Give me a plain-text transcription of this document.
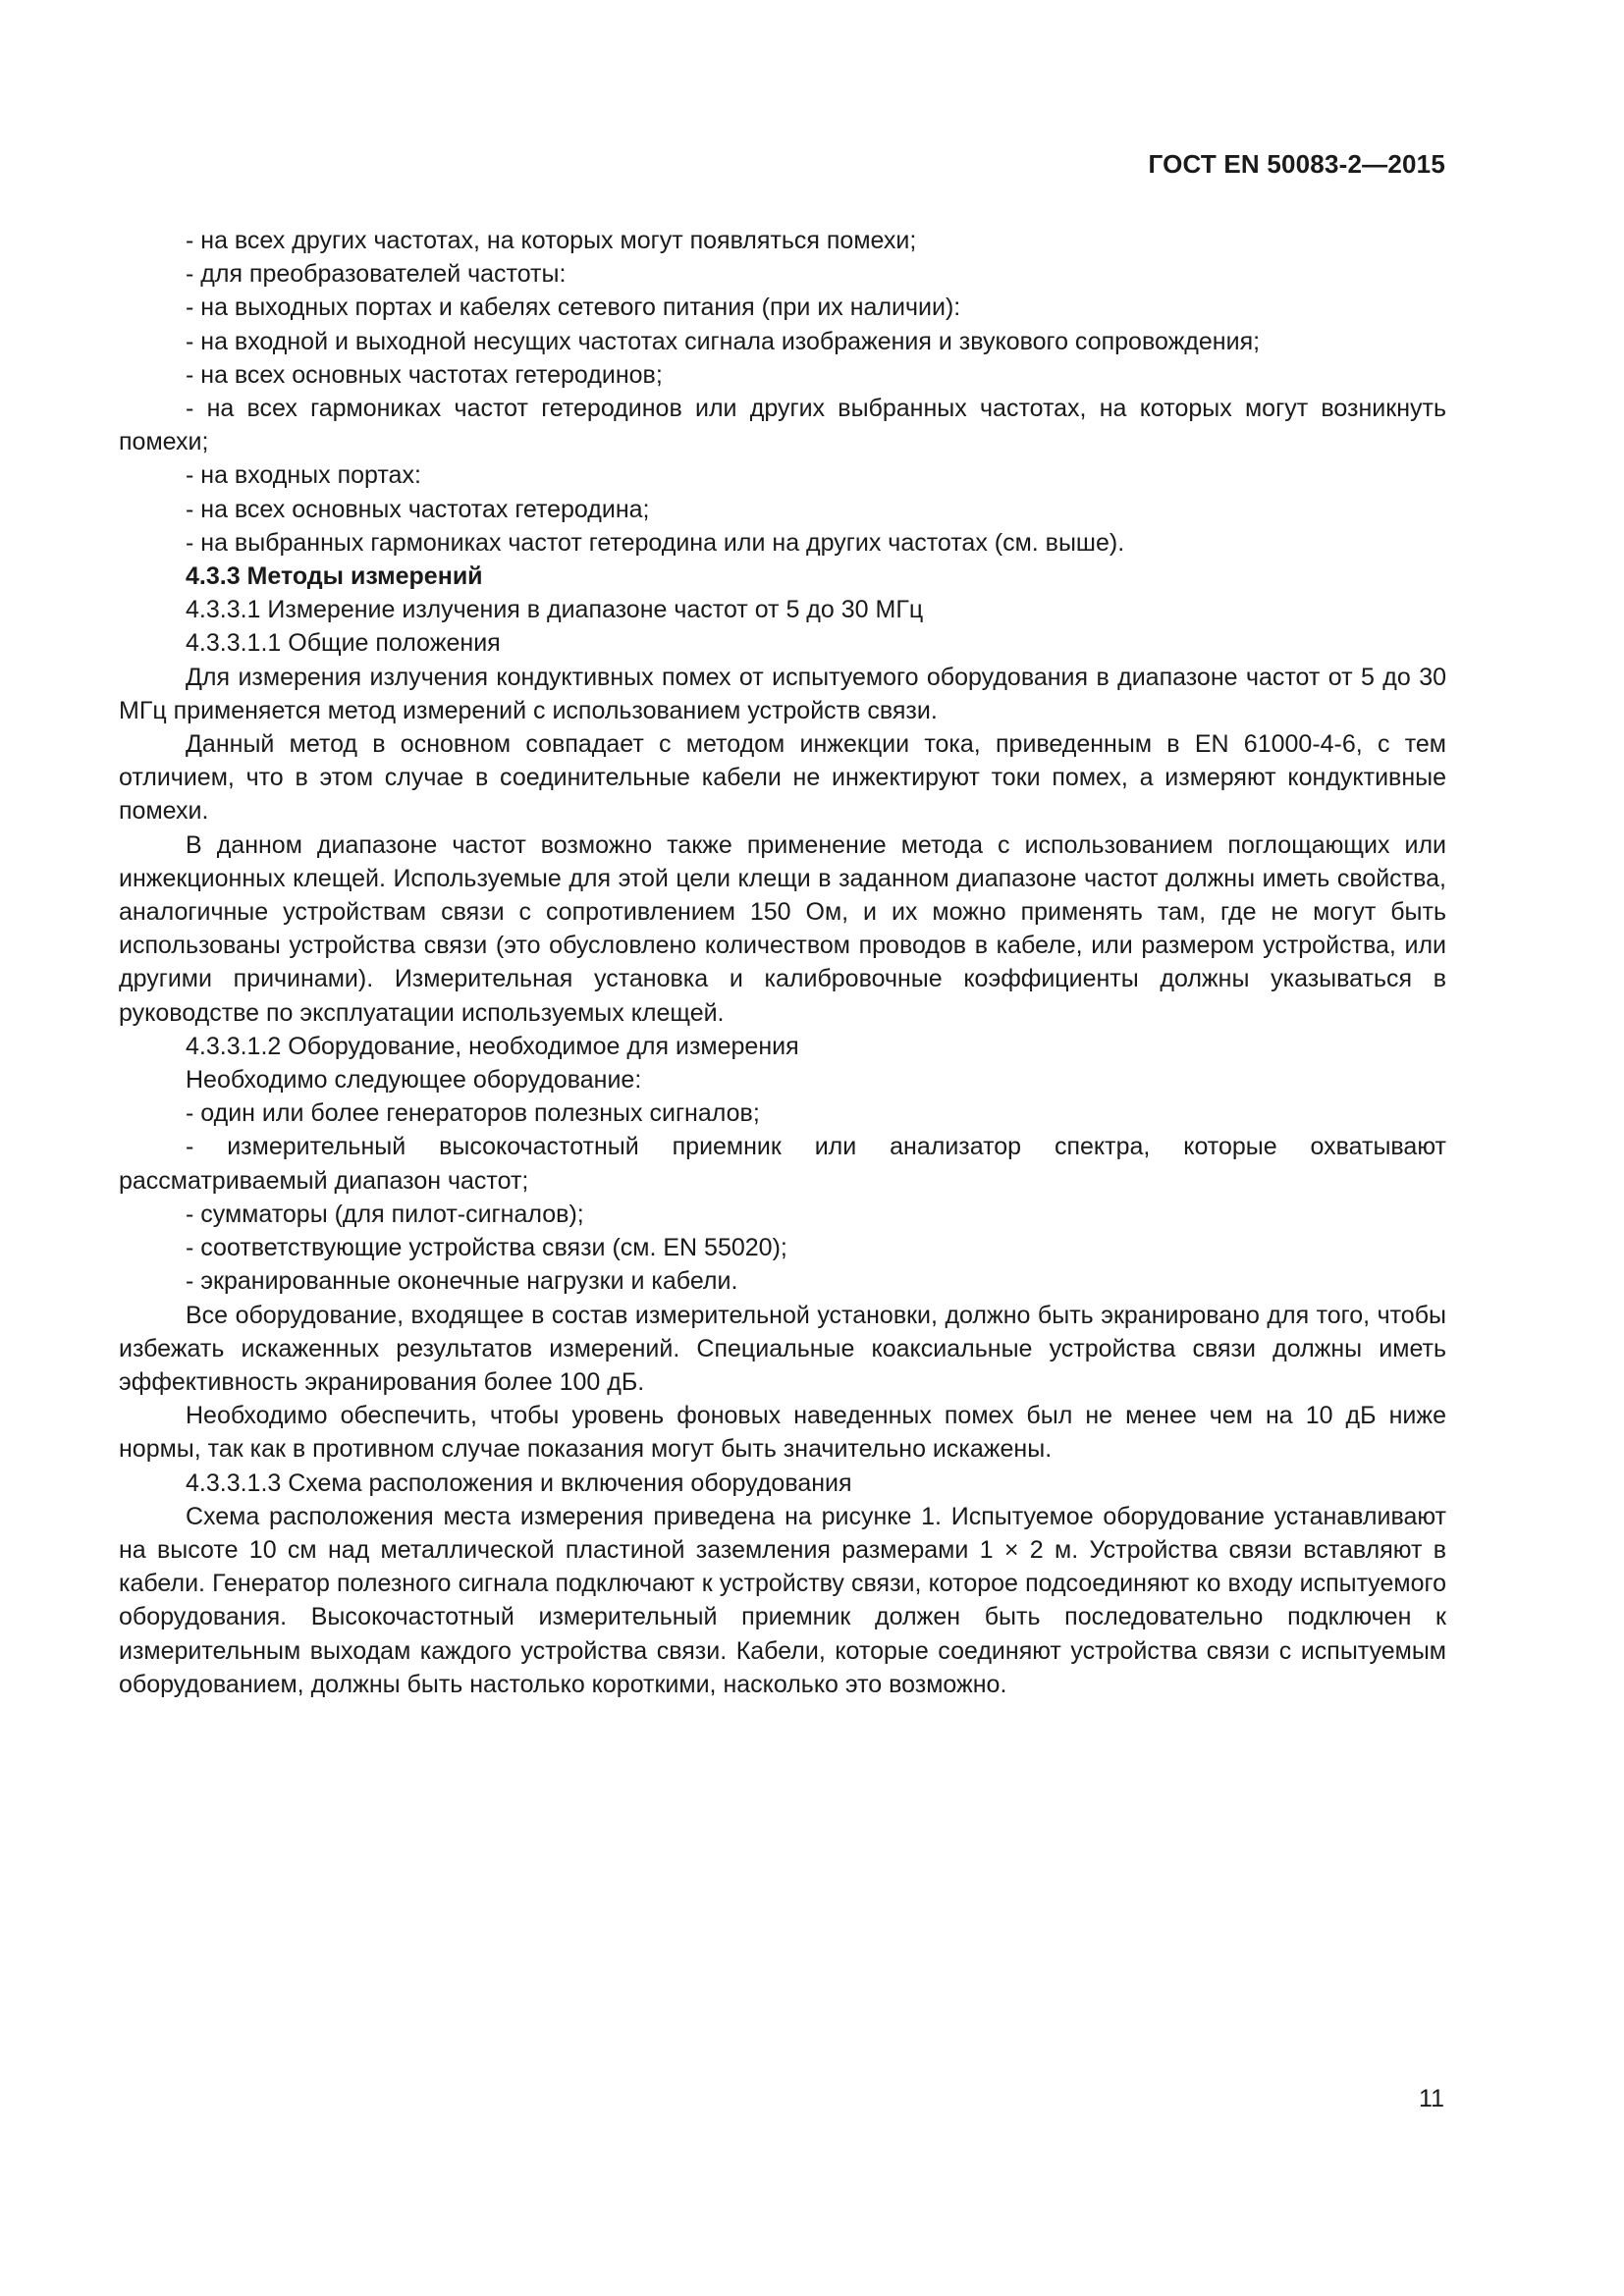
ГОСТ EN 50083-2—2015

- на всех других частотах, на которых могут появляться помехи;

- для преобразователей частоты:

- на выходных портах и кабелях сетевого питания (при их наличии):

- на входной и выходной несущих частотах сигнала изображения и звукового сопровождения;

- на всех основных частотах гетеродинов;

- на всех гармониках частот гетеродинов или других выбранных частотах, на которых могут возникнуть помехи;

- на входных портах:

- на всех основных частотах гетеродина;

- на выбранных гармониках частот гетеродина или на других частотах (см. выше).

4.3.3 Методы измерений

4.3.3.1 Измерение излучения в диапазоне частот от 5 до 30 МГц

4.3.3.1.1 Общие положения

Для измерения излучения кондуктивных помех от испытуемого оборудования в диапазоне частот от 5 до 30 МГц применяется метод измерений с использованием устройств связи.

Данный метод в основном совпадает с методом инжекции тока, приведенным в EN 61000-4-6, с тем отличием, что в этом случае в соединительные кабели не инжектируют токи помех, а измеряют кондуктивные помехи.

В данном диапазоне частот возможно также применение метода с использованием поглощающих или инжекционных клещей. Используемые для этой цели клещи в заданном диапазоне частот должны иметь свойства, аналогичные устройствам связи с сопротивлением 150 Ом, и их можно применять там, где не могут быть использованы устройства связи (это обусловлено количеством проводов в кабеле, или размером устройства, или другими причинами). Измерительная установка и калибровочные коэффициенты должны указываться в руководстве по эксплуатации используемых клещей.

4.3.3.1.2 Оборудование, необходимое для измерения

Необходимо следующее оборудование:

- один или более генераторов полезных сигналов;

- измерительный высокочастотный приемник или анализатор спектра, которые охватывают рассматриваемый диапазон частот;

- сумматоры (для пилот-сигналов);

- соответствующие устройства связи (см. EN 55020);

- экранированные оконечные нагрузки и кабели.

Все оборудование, входящее в состав измерительной установки, должно быть экранировано для того, чтобы избежать искаженных результатов измерений. Специальные коаксиальные устройства связи должны иметь эффективность экранирования более 100 дБ.

Необходимо обеспечить, чтобы уровень фоновых наведенных помех был не менее чем на 10 дБ ниже нормы, так как в противном случае показания могут быть значительно искажены.

4.3.3.1.3 Схема расположения и включения оборудования

Схема расположения места измерения приведена на рисунке 1. Испытуемое оборудование устанавливают на высоте 10 см над металлической пластиной заземления размерами 1 × 2 м. Устройства связи вставляют в кабели. Генератор полезного сигнала подключают к устройству связи, которое подсоединяют ко входу испытуемого оборудования. Высокочастотный измерительный приемник должен быть последовательно подключен к измерительным выходам каждого устройства связи. Кабели, которые соединяют устройства связи с испытуемым оборудованием, должны быть настолько короткими, насколько это возможно.

11
